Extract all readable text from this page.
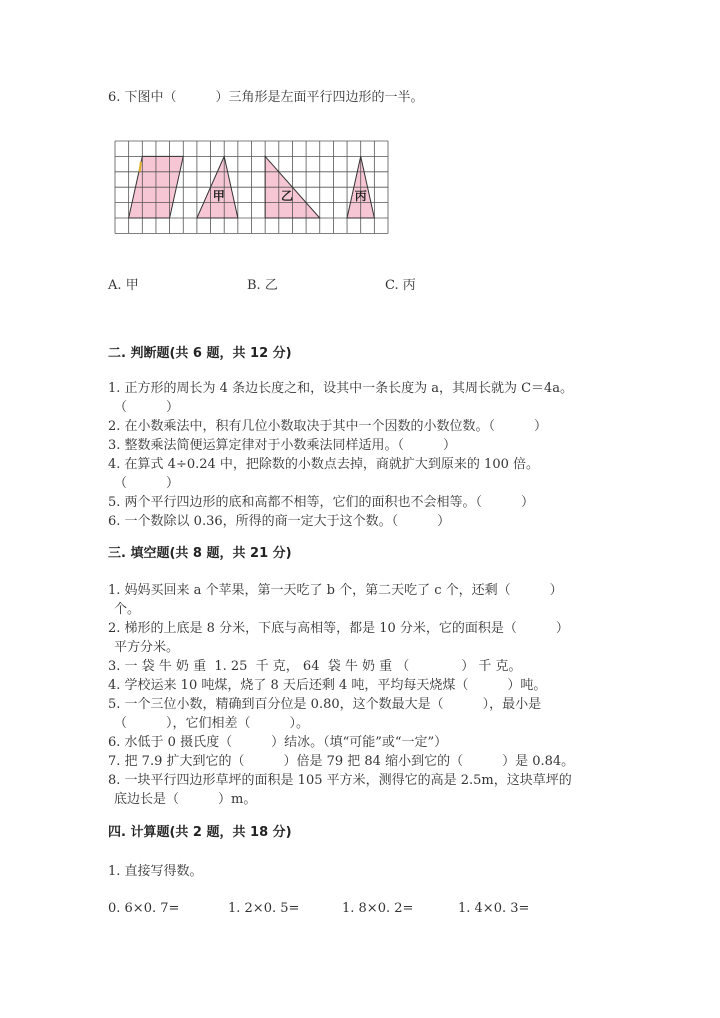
6. 下图中（　　　）三角形是左面平行四边形的一半。
甲	乙	丙
A. 甲	B. 乙	C. 丙
二. 判断题(共 6 题，共 12 分)
1. 正方形的周长为 4 条边长度之和，设其中一条长度为 a，其周长就为 C＝4a。
（　　　）
2. 在小数乘法中，积有几位小数取决于其中一个因数的小数位数。（　　　）
3. 整数乘法简便运算定律对于小数乘法同样适用。（　　　）
4. 在算式 4÷0.24 中，把除数的小数点去掉，商就扩大到原来的 100 倍。
（　　　）
5. 两个平行四边形的底和高都不相等，它们的面积也不会相等。（　　　）
6. 一个数除以 0.36，所得的商一定大于这个数。（　　　）
三. 填空题(共 8 题，共 21 分)
1. 妈妈买回来 a 个苹果，第一天吃了 b 个，第二天吃了 c 个，还剩（　　　）
个。
2. 梯形的上底是 8 分米，下底与高相等，都是 10 分米，它的面积是（　　　）
平方分米。
3. 一 袋 牛 奶 重  1. 25  千 克， 64  袋 牛 奶 重 （　　　　） 千 克。
4. 学校运来 10 吨煤，烧了 8 天后还剩 4 吨，平均每天烧煤（　　　）吨。
5. 一个三位小数，精确到百分位是 0.80，这个数最大是（　　　），最小是
（　　　），它们相差（　　　）。
6. 水低于 0 摄氏度（　　　）结冰。（填“可能”或“一定”）
7. 把 7.9 扩大到它的（　　　）倍是 79 把 84 缩小到它的（　　　）是 0.84。
8. 一块平行四边形草坪的面积是 105 平方米，测得它的高是 2.5m，这块草坪的
底边长是（　　　）m。
四. 计算题(共 2 题，共 18 分)
1. 直接写得数。
0. 6×0. 7=	1. 2×0. 5=	1. 8×0. 2=	1. 4×0. 3=
